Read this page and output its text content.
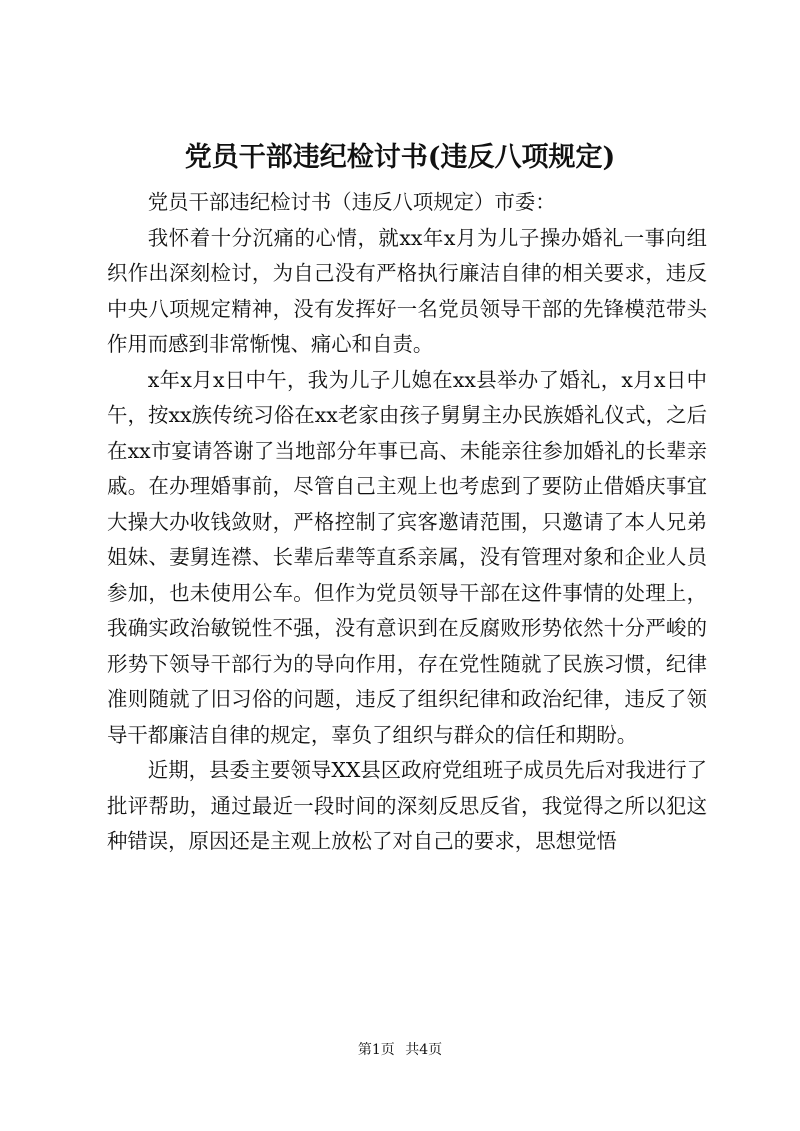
党员干部违纪检讨书(违反八项规定)

党员干部违纪检讨书（违反八项规定）市委：

我怀着十分沉痛的心情，就xx年x月为儿子操办婚礼一事向组织作出深刻检讨，为自己没有严格执行廉洁自律的相关要求，违反中央八项规定精神，没有发挥好一名党员领导干部的先锋模范带头作用而感到非常惭愧、痛心和自责。

x年x月x日中午，我为儿子儿媳在xx县举办了婚礼，x月x日中午，按xx族传统习俗在xx老家由孩子舅舅主办民族婚礼仪式，之后在xx市宴请答谢了当地部分年事已高、未能亲往参加婚礼的长辈亲戚。在办理婚事前，尽管自己主观上也考虑到了要防止借婚庆事宜大操大办收钱敛财，严格控制了宾客邀请范围，只邀请了本人兄弟姐妹、妻舅连襟、长辈后辈等直系亲属，没有管理对象和企业人员参加，也未使用公车。但作为党员领导干部在这件事情的处理上，我确实政治敏锐性不强，没有意识到在反腐败形势依然十分严峻的形势下领导干部行为的导向作用，存在党性随就了民族习惯，纪律准则随就了旧习俗的问题，违反了组织纪律和政治纪律，违反了领导干都廉洁自律的规定，辜负了组织与群众的信任和期盼。

近期，县委主要领导XX县区政府党组班子成员先后对我进行了批评帮助，通过最近一段时间的深刻反思反省，我觉得之所以犯这种错误，原因还是主观上放松了对自己的要求，思想觉悟

第1页 共4页
